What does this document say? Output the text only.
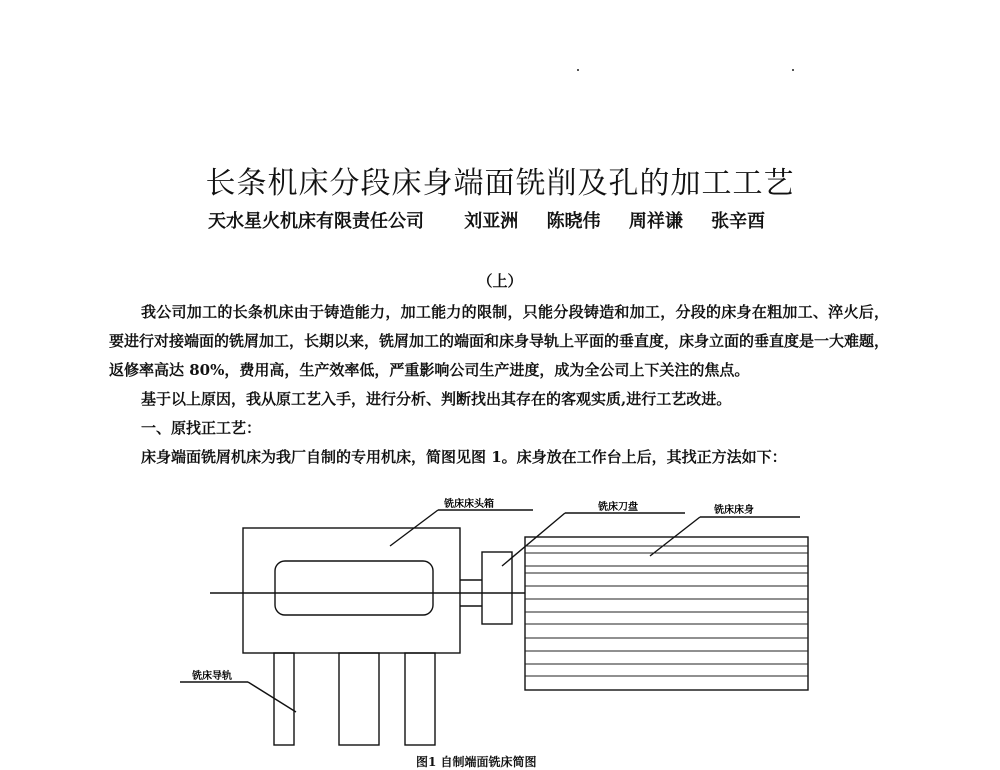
长条机床分段床身端面铣削及孔的加工工艺
天水星火机床有限责任公司 刘亚洲 陈晓伟 周祥谦 张辛酉
（上）

我公司加工的长条机床由于铸造能力，加工能力的限制，只能分段铸造和加工，分段的床身在粗加工、淬火后，要进行对接端面的铣屑加工，长期以来，铣屑加工的端面和床身导轨上平面的垂直度，床身立面的垂直度是一大难题，返修率高达 80%，费用高，生产效率低，严重影响公司生产进度，成为全公司上下关注的焦点。

基于以上原因，我从原工艺入手，进行分析、判断找出其存在的客观实质,进行工艺改进。

一、原找正工艺：

床身端面铣屑机床为我厂自制的专用机床，简图见图 1。床身放在工作台上后，其找正方法如下：

铣床床头箱	铣床刀盘	铣床床身
铣床导轨
图1 自制端面铣床简图
